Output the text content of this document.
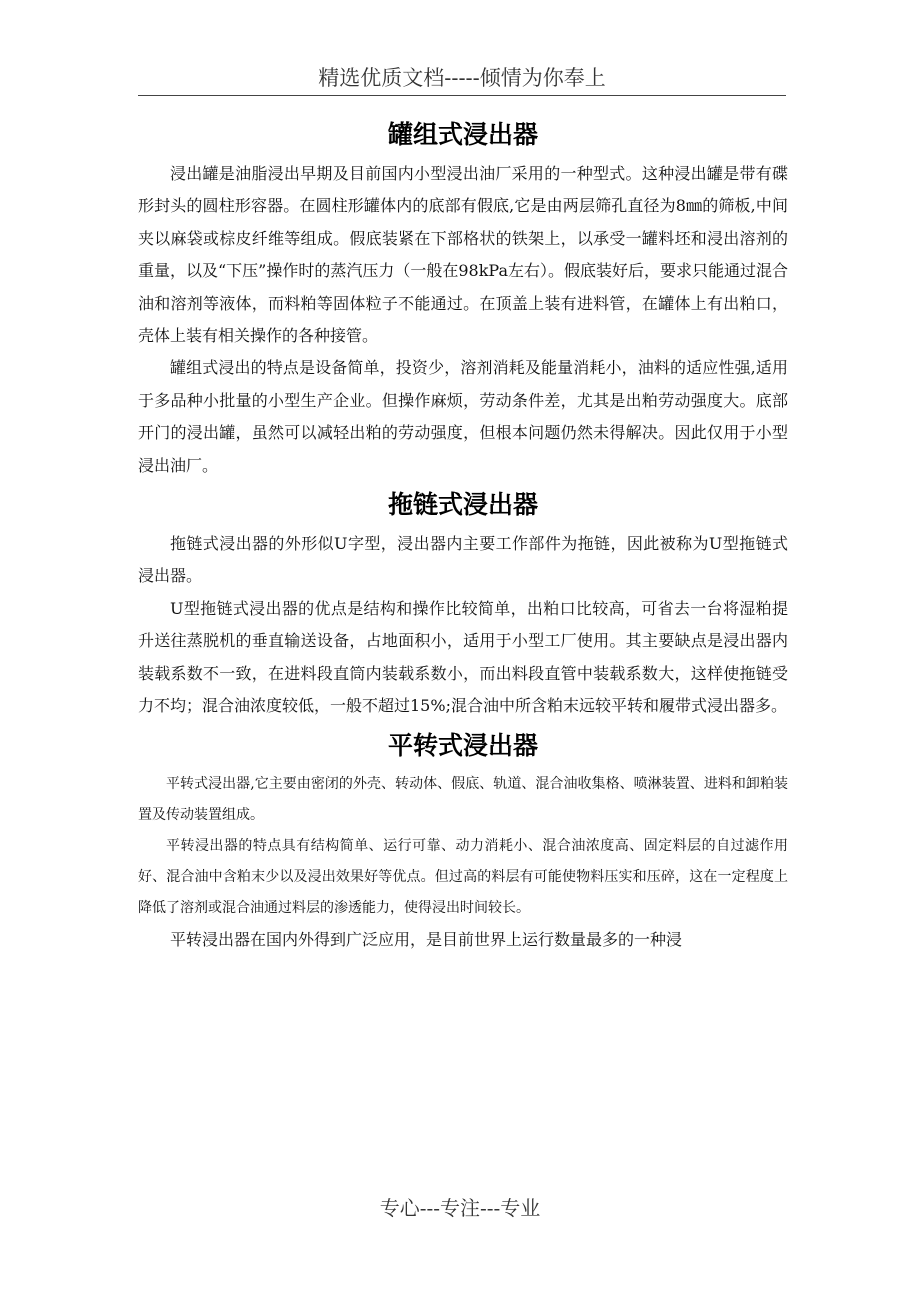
精选优质文档-----倾情为你奉上
罐组式浸出器

浸出罐是油脂浸出早期及目前国内小型浸出油厂采用的一种型式。这种浸出罐是带有碟形封头的圆柱形容器。在圆柱形罐体内的底部有假底,它是由两层筛孔直径为8㎜的筛板,中间夹以麻袋或棕皮纤维等组成。假底装紧在下部格状的铁架上，以承受一罐料坯和浸出溶剂的重量，以及“下压”操作时的蒸汽压力（一般在98kPa左右）。假底装好后，要求只能通过混合油和溶剂等液体，而料粕等固体粒子不能通过。在顶盖上装有进料管，在罐体上有出粕口，壳体上装有相关操作的各种接管。

罐组式浸出的特点是设备简单，投资少，溶剂消耗及能量消耗小，油料的适应性强,适用于多品种小批量的小型生产企业。但操作麻烦，劳动条件差，尤其是出粕劳动强度大。底部开门的浸出罐，虽然可以减轻出粕的劳动强度，但根本问题仍然未得解决。因此仅用于小型浸出油厂。

拖链式浸出器

拖链式浸出器的外形似U字型，浸出器内主要工作部件为拖链，因此被称为U型拖链式浸出器。

U型拖链式浸出器的优点是结构和操作比较简单，出粕口比较高，可省去一台将湿粕提升送往蒸脱机的垂直输送设备，占地面积小，适用于小型工厂使用。其主要缺点是浸出器内装载系数不一致，在进料段直筒内装载系数小，而出料段直管中装载系数大，这样使拖链受力不均；混合油浓度较低，一般不超过15%;混合油中所含粕末远较平转和履带式浸出器多。

平转式浸出器

平转式浸出器,它主要由密闭的外壳、转动体、假底、轨道、混合油收集格、喷淋装置、进料和卸粕装置及传动装置组成。

平转浸出器的特点具有结构简单、运行可靠、动力消耗小、混合油浓度高、固定料层的自过滤作用好、混合油中含粕末少以及浸出效果好等优点。但过高的料层有可能使物料压实和压碎，这在一定程度上降低了溶剂或混合油通过料层的渗透能力，使得浸出时间较长。

平转浸出器在国内外得到广泛应用，是目前世界上运行数量最多的一种浸

专心---专注---专业
